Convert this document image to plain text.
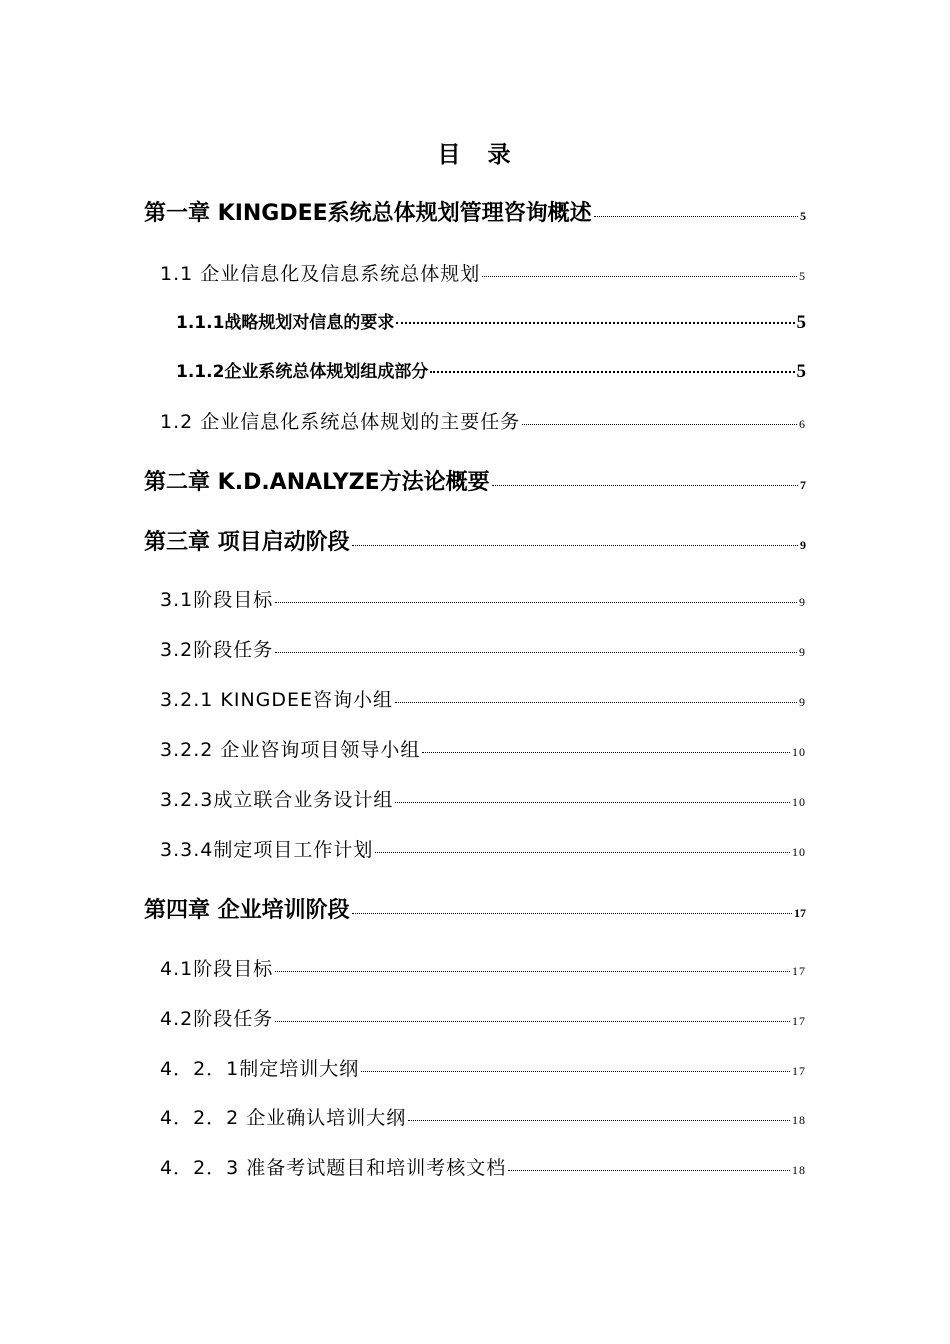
目　录
第一章 KINGDEE系统总体规划管理咨询概述	5
1.1 企业信息化及信息系统总体规划	5
1.1.1战略规划对信息的要求	5
1.1.2企业系统总体规划组成部分	5
1.2 企业信息化系统总体规划的主要任务	6
第二章 K.D.ANALYZE方法论概要	7
第三章 项目启动阶段	9
3.1阶段目标	9
3.2阶段任务	9
3.2.1 KINGDEE咨询小组	9
3.2.2 企业咨询项目领导小组	10
3.2.3成立联合业务设计组	10
3.3.4制定项目工作计划	10
第四章 企业培训阶段	17
4.1阶段目标	17
4.2阶段任务	17
4．2．1制定培训大纲	17
4．2．2 企业确认培训大纲	18
4．2．3 准备考试题目和培训考核文档	18
